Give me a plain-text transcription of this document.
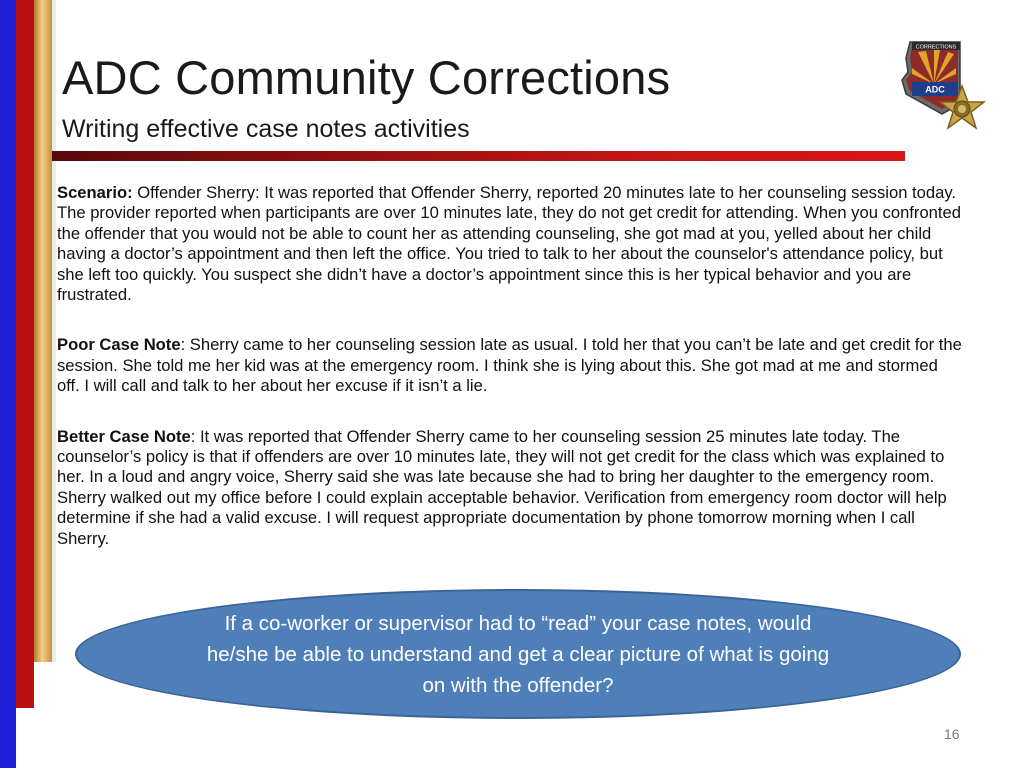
ADC Community Corrections
Writing effective case notes activities
CORRECTIONS
ADC

Scenario: Offender Sherry: It was reported that Offender Sherry, reported 20 minutes late to her counseling session today. The provider reported when participants are over 10 minutes late, they do not get credit for attending. When you confronted the offender that you would not be able to count her as attending counseling, she got mad at you, yelled about her child having a doctor’s appointment and then left the office. You tried to talk to her about the counselor's attendance policy, but she left too quickly. You suspect she didn’t have a doctor’s appointment since this is her typical behavior and you are frustrated.

Poor Case Note: Sherry came to her counseling session late as usual. I told her that you can’t be late and get credit for the session. She told me her kid was at the emergency room. I think she is lying about this. She got mad at me and stormed off. I will call and talk to her about her excuse if it isn’t a lie.

Better Case Note: It was reported that Offender Sherry came to her counseling session 25 minutes late today. The counselor’s policy is that if offenders are over 10 minutes late, they will not get credit for the class which was explained to her. In a loud and angry voice, Sherry said she was late because she had to bring her daughter to the emergency room. Sherry walked out my office before I could explain acceptable behavior. Verification from emergency room doctor will help determine if she had a valid excuse. I will request appropriate documentation by phone tomorrow morning when I call Sherry.

If a co-worker or supervisor had to “read” your case notes, would he/she be able to understand and get a clear picture of what is going on with the offender?
16
